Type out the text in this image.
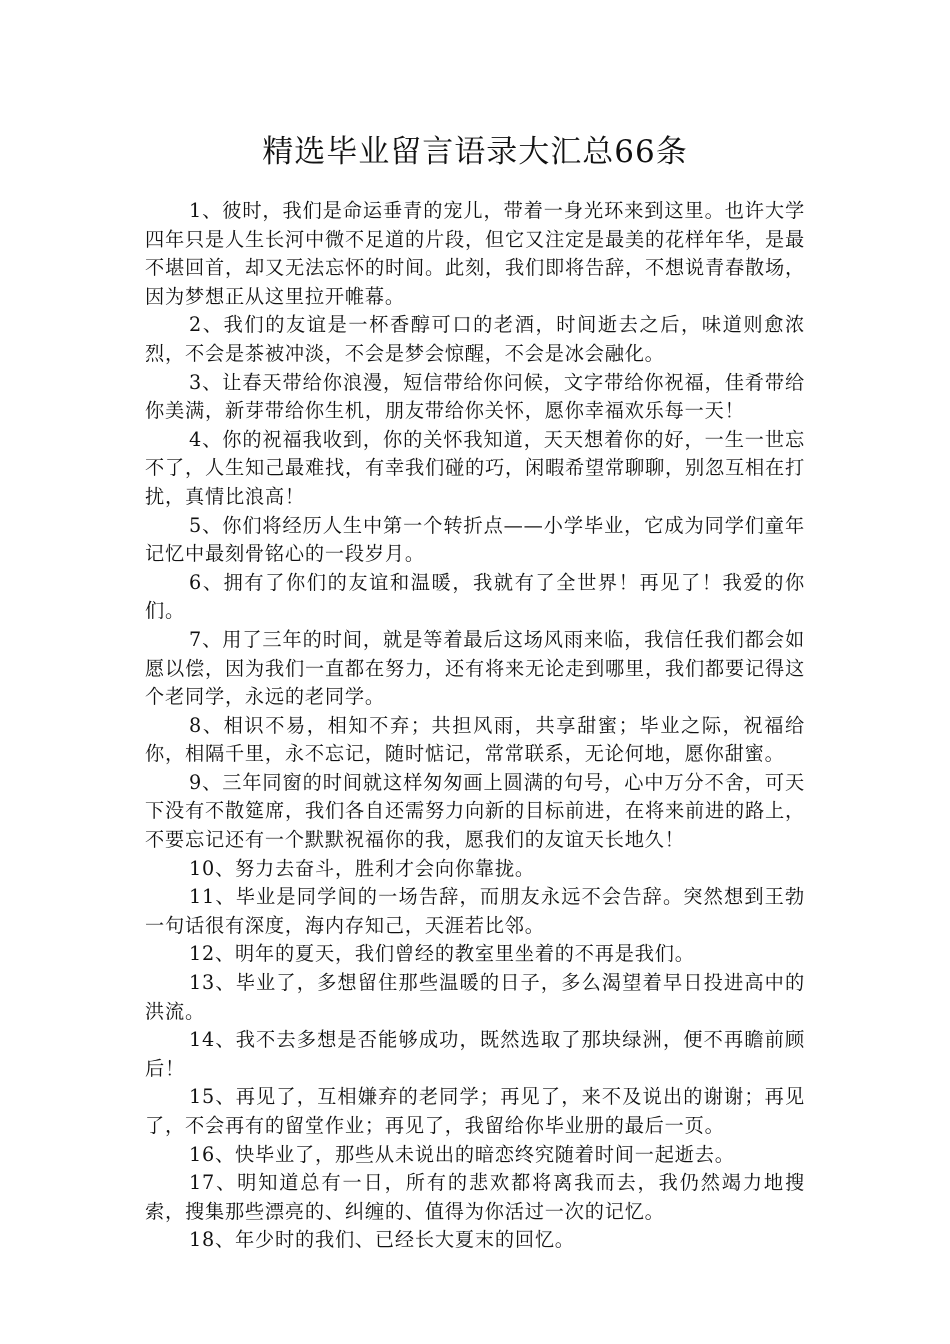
精选毕业留言语录大汇总66条

1、彼时，我们是命运垂青的宠儿，带着一身光环来到这里。也许大学四年只是人生长河中微不足道的片段，但它又注定是最美的花样年华，是最不堪回首，却又无法忘怀的时间。此刻，我们即将告辞，不想说青春散场，因为梦想正从这里拉开帷幕。

2、我们的友谊是一杯香醇可口的老酒，时间逝去之后，味道则愈浓烈，不会是茶被冲淡，不会是梦会惊醒，不会是冰会融化。

3、让春天带给你浪漫，短信带给你问候，文字带给你祝福，佳肴带给你美满，新芽带给你生机，朋友带给你关怀，愿你幸福欢乐每一天！

4、你的祝福我收到，你的关怀我知道，天天想着你的好，一生一世忘不了，人生知己最难找，有幸我们碰的巧，闲暇希望常聊聊，别忽互相在打扰，真情比浪高！

5、你们将经历人生中第一个转折点——小学毕业，它成为同学们童年记忆中最刻骨铭心的一段岁月。

6、拥有了你们的友谊和温暖，我就有了全世界！再见了！我爱的你们。

7、用了三年的时间，就是等着最后这场风雨来临，我信任我们都会如愿以偿，因为我们一直都在努力，还有将来无论走到哪里，我们都要记得这个老同学，永远的老同学。

8、相识不易，相知不弃；共担风雨，共享甜蜜；毕业之际，祝福给你，相隔千里，永不忘记，随时惦记，常常联系，无论何地，愿你甜蜜。

9、三年同窗的时间就这样匆匆画上圆满的句号，心中万分不舍，可天下没有不散筵席，我们各自还需努力向新的目标前进，在将来前进的路上，不要忘记还有一个默默祝福你的我，愿我们的友谊天长地久！

10、努力去奋斗，胜利才会向你靠拢。

11、毕业是同学间的一场告辞，而朋友永远不会告辞。突然想到王勃一句话很有深度，海内存知己，天涯若比邻。

12、明年的夏天，我们曾经的教室里坐着的不再是我们。

13、毕业了，多想留住那些温暖的日子，多么渴望着早日投进高中的洪流。

14、我不去多想是否能够成功，既然选取了那块绿洲，便不再瞻前顾后！

15、再见了，互相嫌弃的老同学；再见了，来不及说出的谢谢；再见了，不会再有的留堂作业；再见了，我留给你毕业册的最后一页。

16、快毕业了，那些从未说出的暗恋终究随着时间一起逝去。

17、明知道总有一日，所有的悲欢都将离我而去，我仍然竭力地搜索，搜集那些漂亮的、纠缠的、值得为你活过一次的记忆。

18、年少时的我们、已经长大夏末的回忆。
